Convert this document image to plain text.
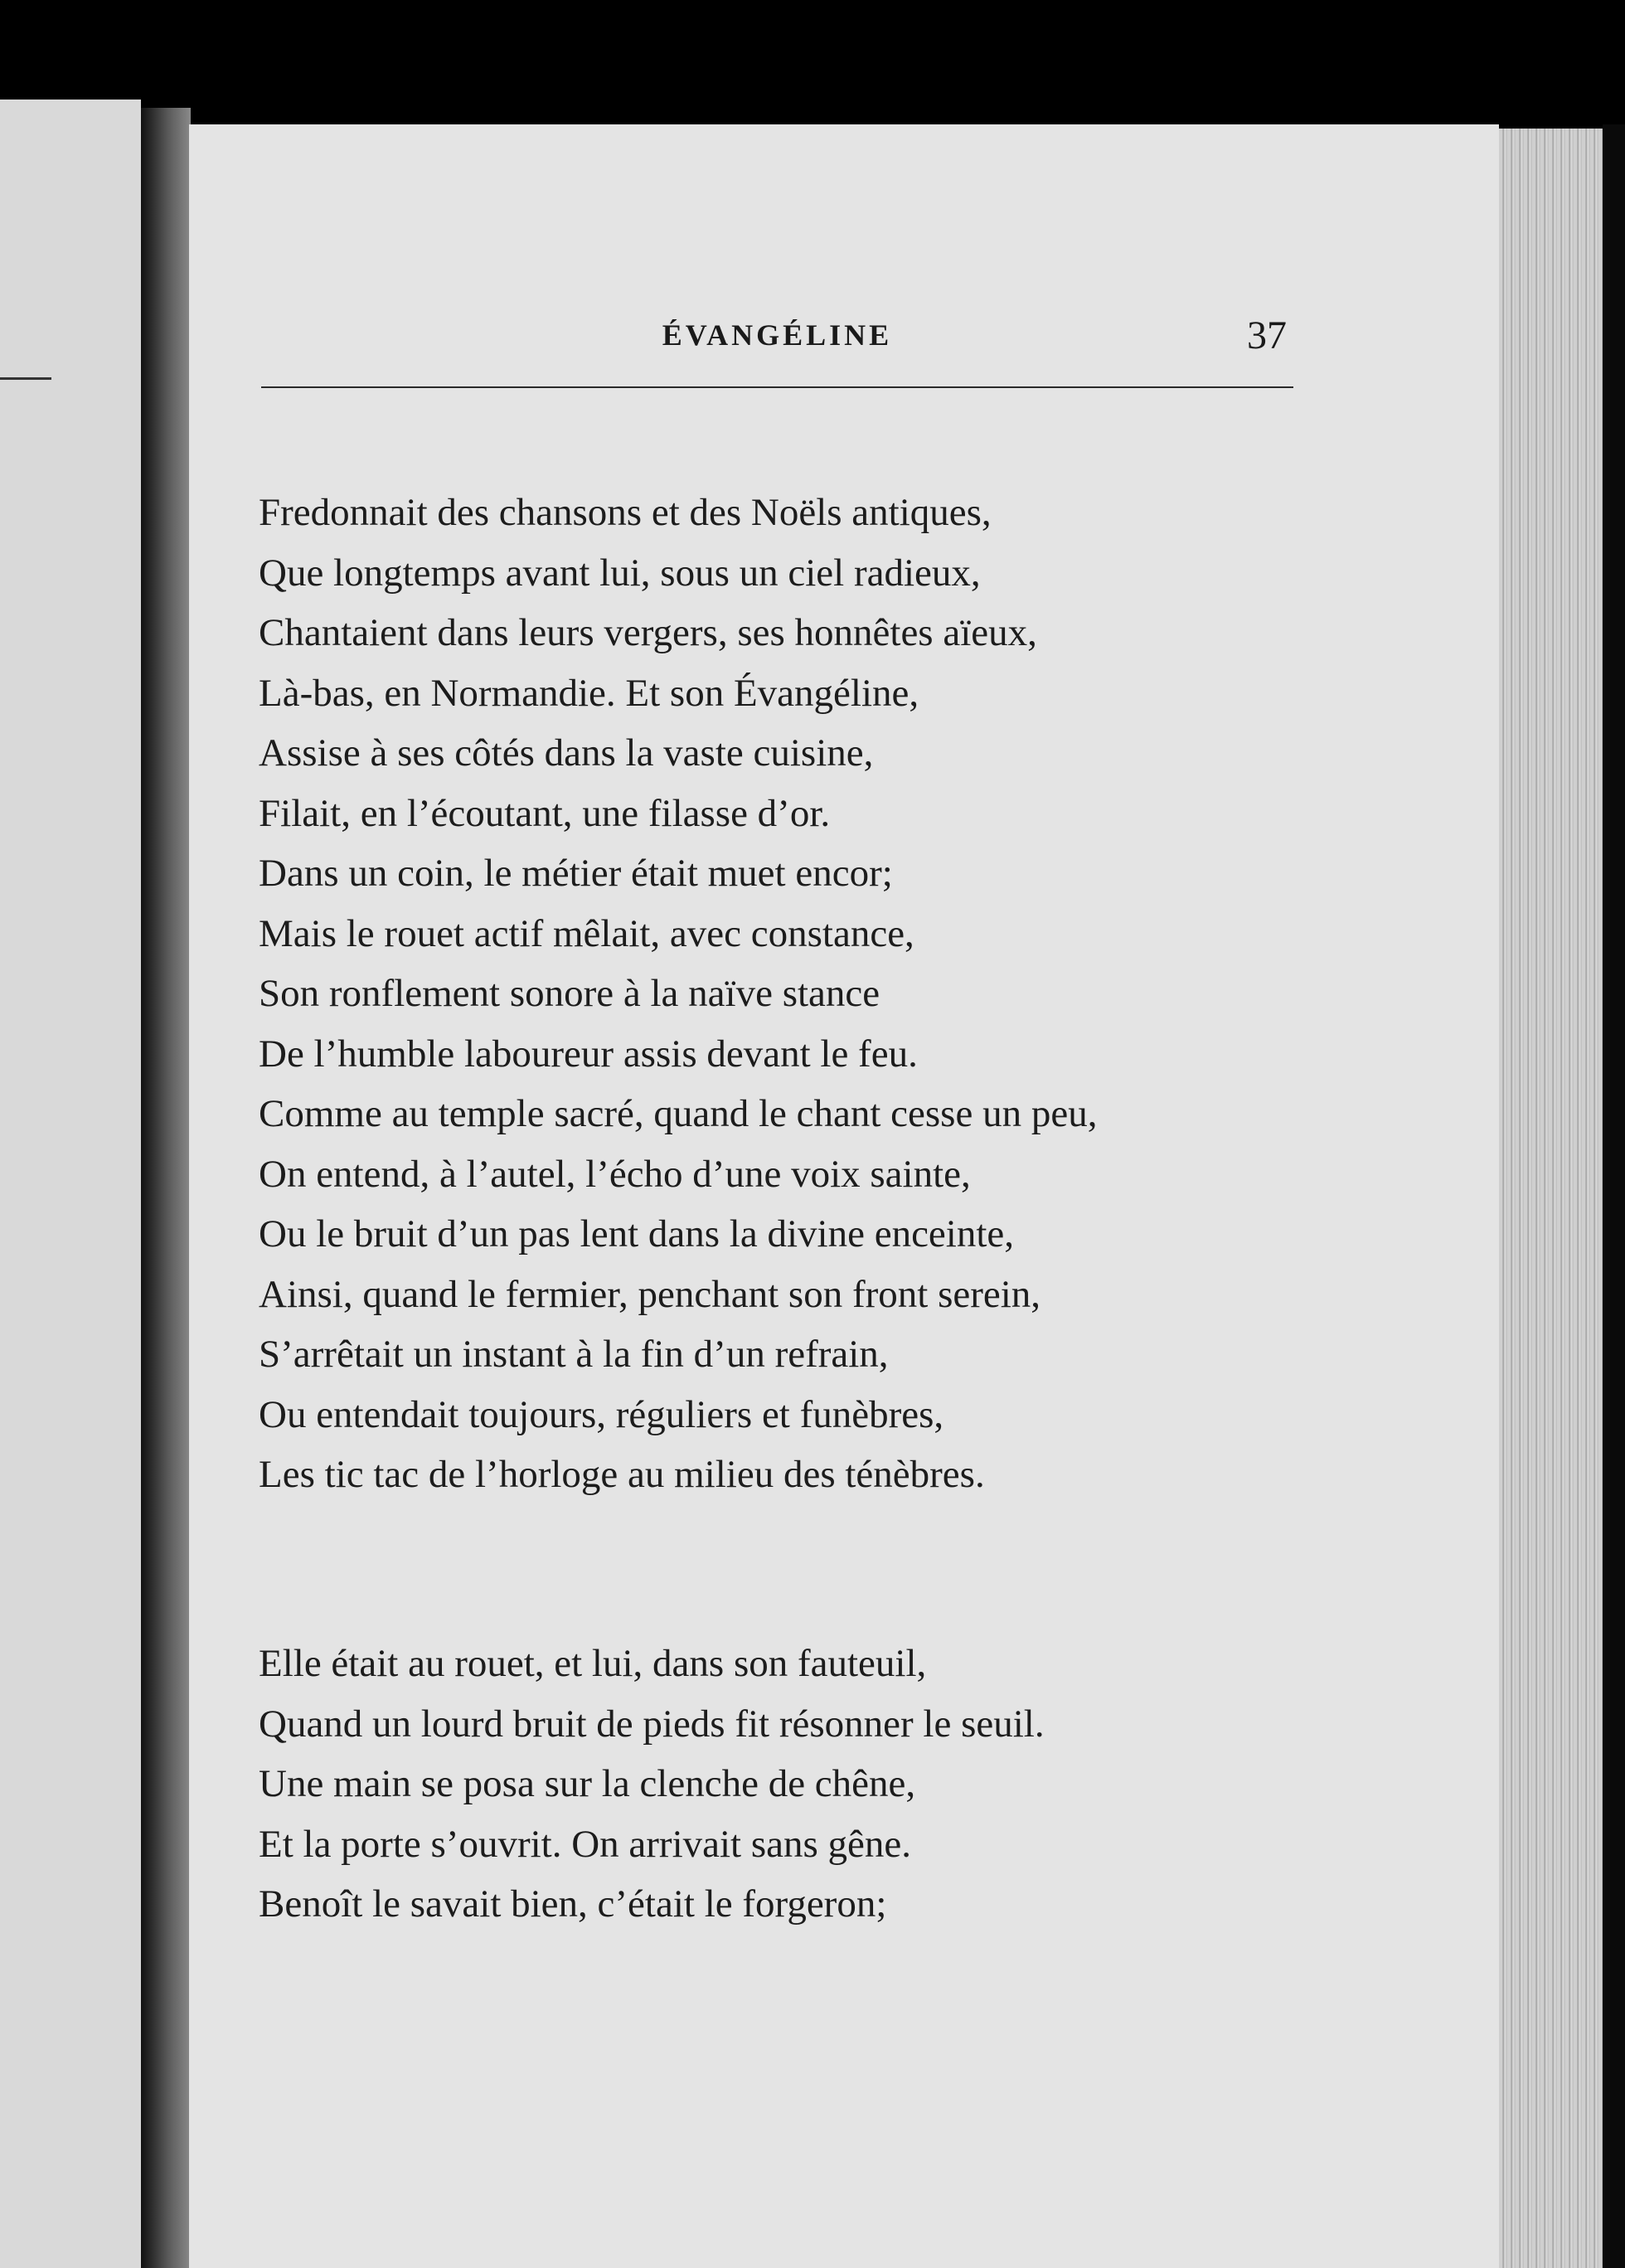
ÉVANGÉLINE	37
Fredonnait des chansons et des Noëls antiques,
Que longtemps avant lui, sous un ciel radieux,
Chantaient dans leurs vergers, ses honnêtes aïeux,
Là-bas, en Normandie. Et son Évangéline,
Assise à ses côtés dans la vaste cuisine,
Filait, en l’écoutant, une filasse d’or.
Dans un coin, le métier était muet encor;
Mais le rouet actif mêlait, avec constance,
Son ronflement sonore à la naïve stance
De l’humble laboureur assis devant le feu.
Comme au temple sacré, quand le chant cesse un peu,
On entend, à l’autel, l’écho d’une voix sainte,
Ou le bruit d’un pas lent dans la divine enceinte,
Ainsi, quand le fermier, penchant son front serein,
S’arrêtait un instant à la fin d’un refrain,
Ou entendait toujours, réguliers et funèbres,
Les tic tac de l’horloge au milieu des ténèbres.
Elle était au rouet, et lui, dans son fauteuil,
Quand un lourd bruit de pieds fit résonner le seuil.
Une main se posa sur la clenche de chêne,
Et la porte s’ouvrit. On arrivait sans gêne.
Benoît le savait bien, c’était le forgeron;
